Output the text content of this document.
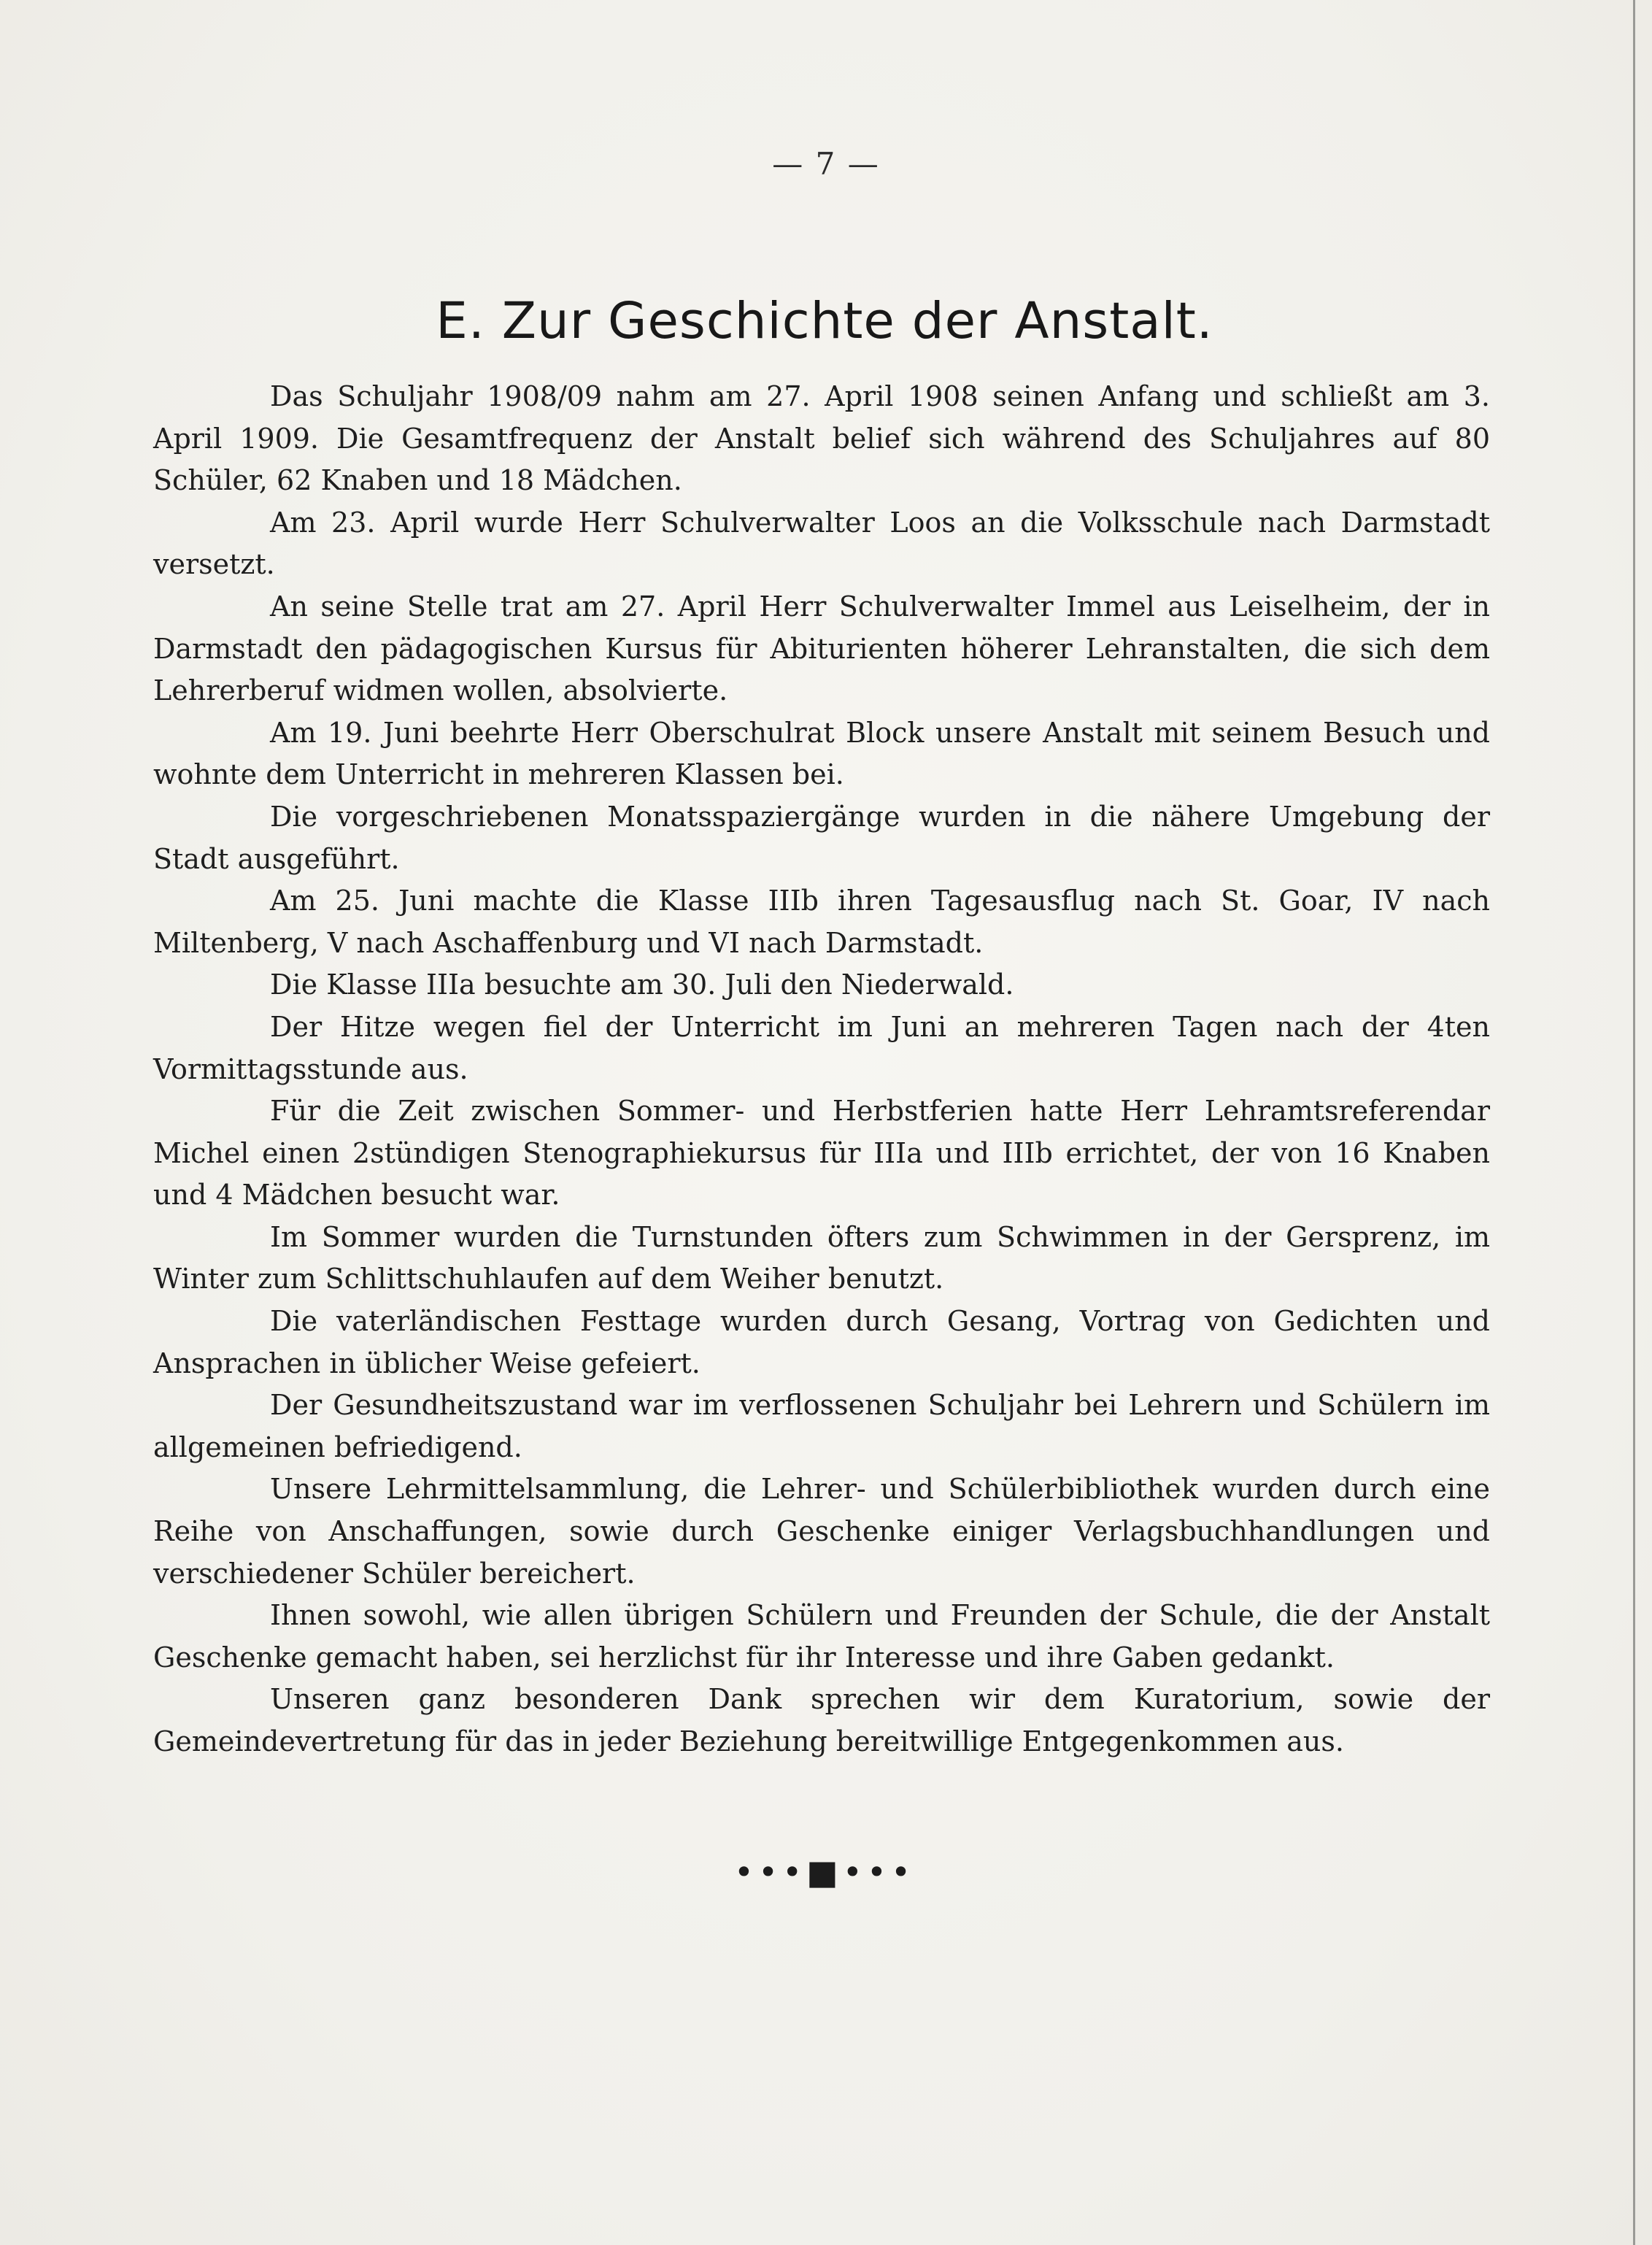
— 7 —
E. Zur Geschichte der Anstalt.

Das Schuljahr 1908/09 nahm am 27. April 1908 seinen Anfang und schließt am 3. April 1909. Die Gesamtfrequenz der Anstalt belief sich während des Schuljahres auf 80 Schüler, 62 Knaben und 18 Mädchen.

Am 23. April wurde Herr Schulverwalter Loos an die Volksschule nach Darmstadt versetzt.

An seine Stelle trat am 27. April Herr Schulverwalter Immel aus Leiselheim, der in Darmstadt den pädagogischen Kursus für Abiturienten höherer Lehranstalten, die sich dem Lehrerberuf widmen wollen, absolvierte.

Am 19. Juni beehrte Herr Oberschulrat Block unsere Anstalt mit seinem Besuch und wohnte dem Unterricht in mehreren Klassen bei.

Die vorgeschriebenen Monatsspaziergänge wurden in die nähere Umgebung der Stadt ausgeführt.

Am 25. Juni machte die Klasse IIIb ihren Tagesausflug nach St. Goar, IV nach Miltenberg, V nach Aschaffenburg und VI nach Darmstadt.

Die Klasse IIIa besuchte am 30. Juli den Niederwald.

Der Hitze wegen fiel der Unterricht im Juni an mehreren Tagen nach der 4ten Vormittagsstunde aus.

Für die Zeit zwischen Sommer- und Herbstferien hatte Herr Lehramtsreferendar Michel einen 2stündigen Stenographiekursus für IIIa und IIIb errichtet, der von 16 Knaben und 4 Mädchen besucht war.

Im Sommer wurden die Turnstunden öfters zum Schwimmen in der Gersprenz, im Winter zum Schlittschuhlaufen auf dem Weiher benutzt.

Die vaterländischen Festtage wurden durch Gesang, Vortrag von Gedichten und Ansprachen in üblicher Weise gefeiert.

Der Gesundheitszustand war im verflossenen Schuljahr bei Lehrern und Schülern im allgemeinen befriedigend.

Unsere Lehrmittelsammlung, die Lehrer- und Schülerbibliothek wurden durch eine Reihe von Anschaffungen, sowie durch Geschenke einiger Verlagsbuchhandlungen und verschiedener Schüler bereichert.

Ihnen sowohl, wie allen übrigen Schülern und Freunden der Schule, die der Anstalt Geschenke gemacht haben, sei herzlichst für ihr Interesse und ihre Gaben gedankt.

Unseren ganz besonderen Dank sprechen wir dem Kuratorium, sowie der Gemeindevertretung für das in jeder Beziehung bereitwillige Entgegenkommen aus.

•••■•••
